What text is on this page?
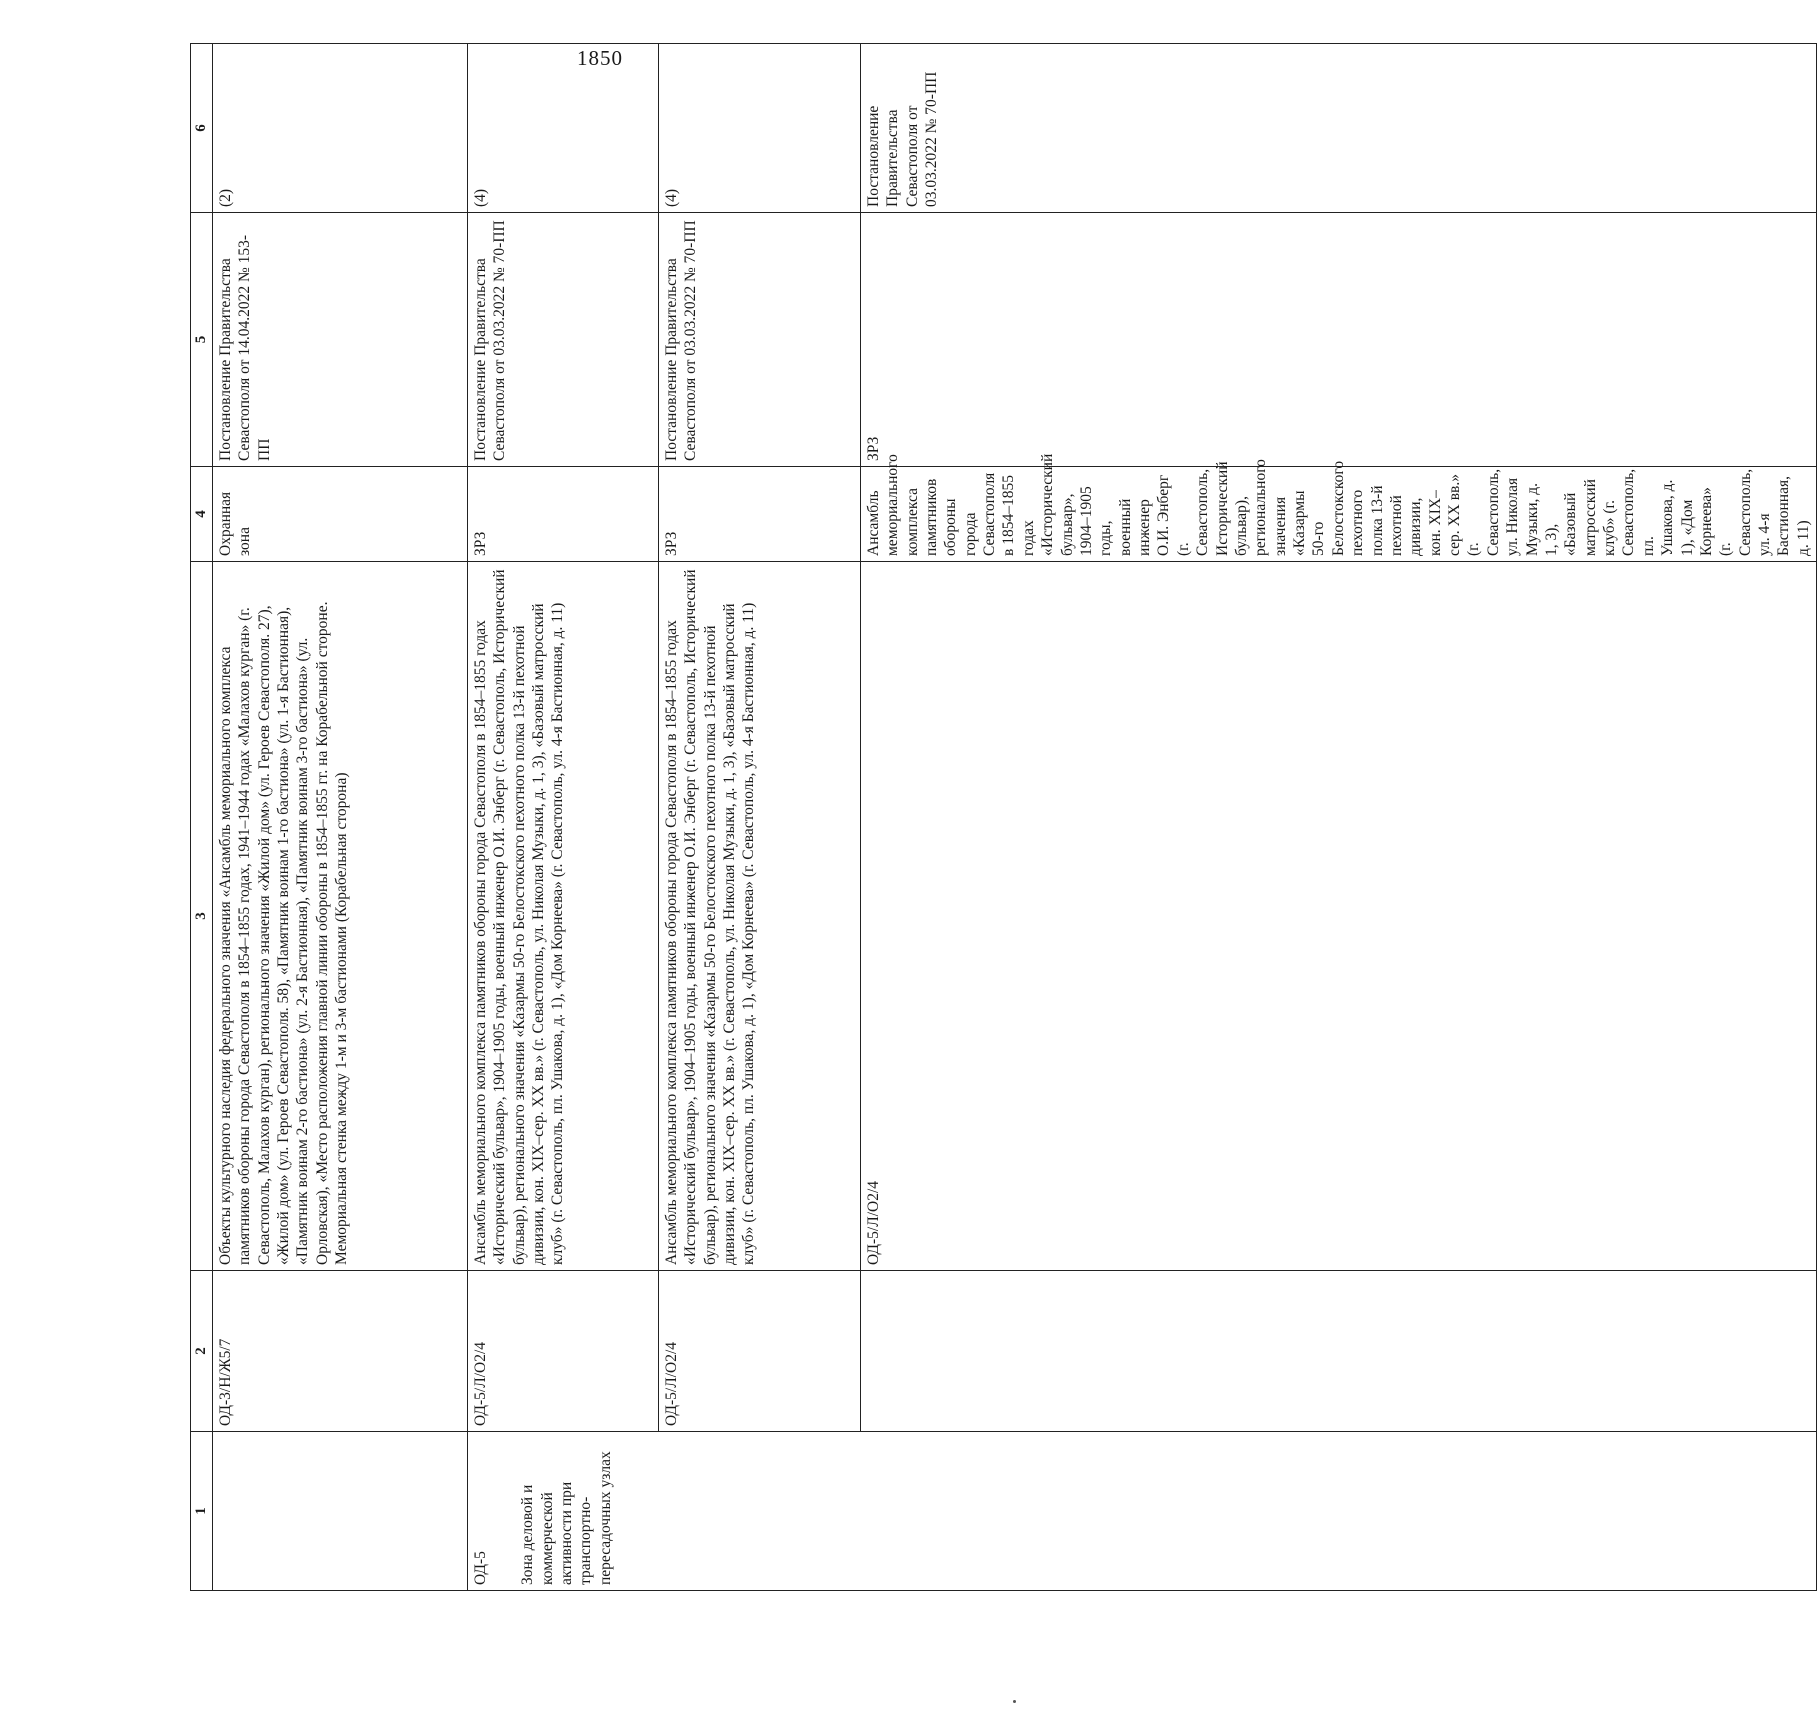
1850
1	2	3	4	5	6	
	ОД-3/Н/Ж5/7	Объекты культурного наследия федерального значения «Ансамбль мемориального комплекса памятников обороны города Севастополя в 1854–1855 годах, 1941–1944 годах «Малахов курган» (г. Севастополь, Малахов курган), регионального значения «Жилой дом» (ул. Героев Севастополя. 27), «Жилой дом» (ул. Героев Севастополя. 58), «Памятник воинам 1-го бастиона» (ул. 1-я Бастионная), «Памятник воинам 2-го бастиона» (ул. 2-я Бастионная), «Памятник воинам 3-го бастиона» (ул. Орловская), «Место расположения главной линии обороны в 1854–1855 гг. на Корабельной стороне. Мемориальная стенка между 1-м и 3-м бастионами (Корабельная сторона)	Охранная зона	Постановление Правительства Севастополя от 14.04.2022 № 153-ПП	(2)	
ОД-5 Зона деловой и коммерческой активности при транспортно-пересадочных узлах	ОД-5/Л/О2/4	Ансамбль мемориального комплекса памятников обороны города Севастополя в 1854–1855 годах «Исторический бульвар», 1904–1905 годы, военный инженер О.И. Энберг (г. Севастополь, Исторический бульвар), регионального значения «Казармы 50-го Белостокского пехотного полка 13-й пехотной дивизии, кон. XIX–сер. XX вв.» (г. Севастополь, ул. Николая Музыки, д. 1, 3), «Базовый матросский клуб» (г. Севастополь, пл. Ушакова, д. 1), «Дом Корнеева» (г. Севастополь, ул. 4-я Бастионная, д. 11)	ЗРЗ	Постановление Правительства Севастополя от 03.03.2022 № 70-ПП	(4)	
	ОД-5/Л/О2/4	Ансамбль мемориального комплекса памятников обороны города Севастополя в 1854–1855 годах «Исторический бульвар», 1904–1905 годы, военный инженер О.И. Энберг (г. Севастополь, Исторический бульвар), регионального значения «Казармы 50-го Белостокского пехотного полка 13-й пехотной дивизии, кон. XIX–сер. XX вв.» (г. Севастополь, ул. Николая Музыки, д. 1, 3), «Базовый матросский клуб» (г. Севастополь, пл. Ушакова, д. 1), «Дом Корнеева» (г. Севастополь, ул. 4-я Бастионная, д. 11)	ЗРЗ	Постановление Правительства Севастополя от 03.03.2022 № 70-ПП	(4)	
		ОД-5/Л/О2/4	Ансамбль мемориального комплекса памятников обороны города Севастополя в 1854–1855 годах «Исторический бульвар», 1904–1905 годы, военный инженер О.И. Энберг (г. Севастополь, Исторический бульвар), регионального значения «Казармы 50-го Белостокского пехотного полка 13-й пехотной дивизии, кон. XIX–сер. XX вв.» (г. Севастополь, ул. Николая Музыки, д. 1, 3), «Базовый матросский клуб» (г. Севастополь, пл. Ушакова, д. 1), «Дом Корнеева» (г. Севастополь, ул. 4-я Бастионная, д. 11)	ЗРЗ	Постановление Правительства Севастополя от 03.03.2022 № 70-ПП	
